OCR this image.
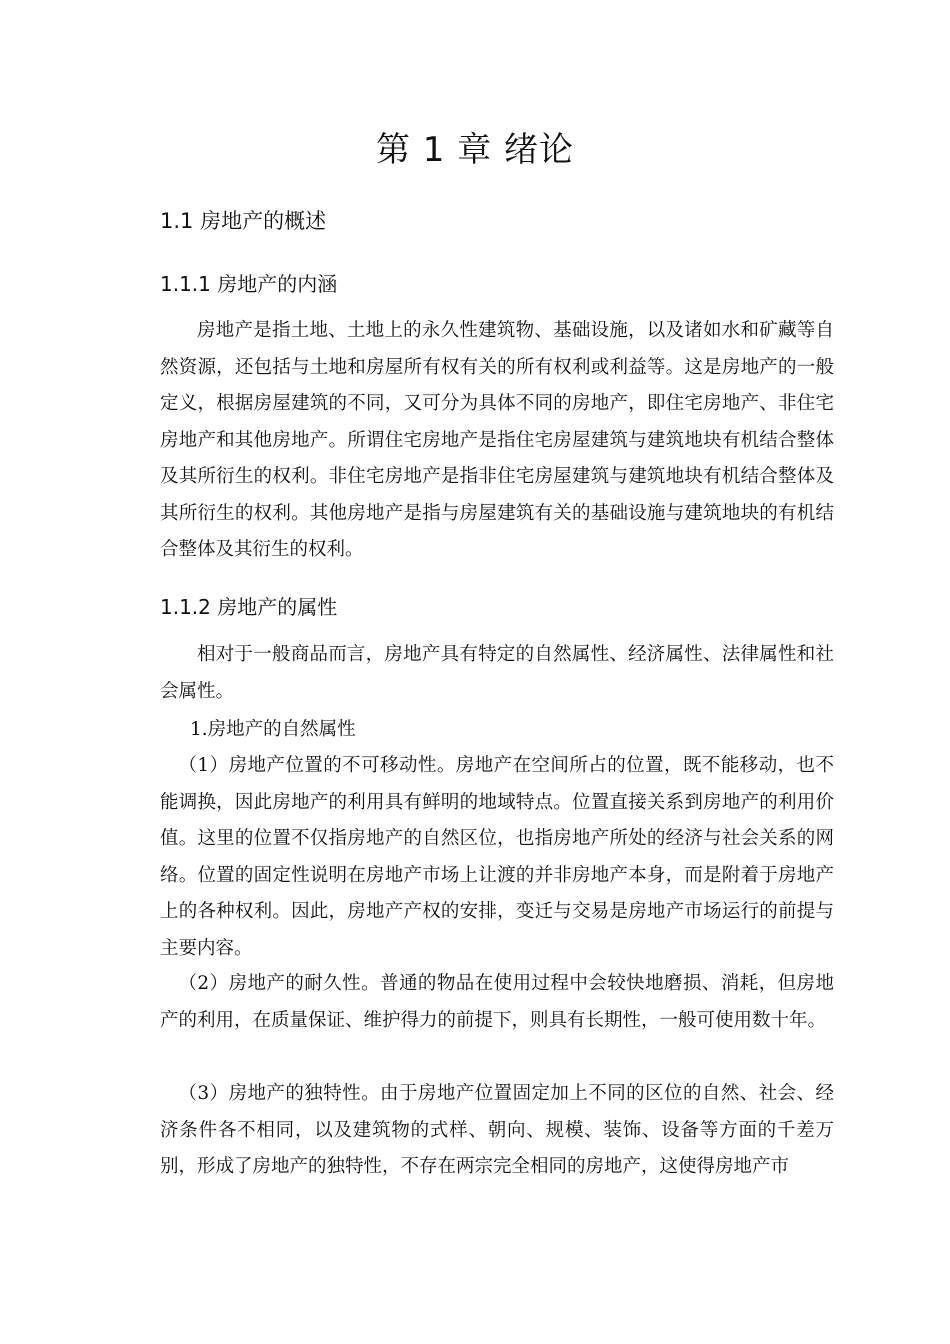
第 1 章 绪论
1.1 房地产的概述
1.1.1 房地产的内涵

房地产是指土地、土地上的永久性建筑物、基础设施，以及诸如水和矿藏等自然资源，还包括与土地和房屋所有权有关的所有权利或利益等。这是房地产的一般定义，根据房屋建筑的不同，又可分为具体不同的房地产，即住宅房地产、非住宅房地产和其他房地产。所谓住宅房地产是指住宅房屋建筑与建筑地块有机结合整体及其所衍生的权利。非住宅房地产是指非住宅房屋建筑与建筑地块有机结合整体及其所衍生的权利。其他房地产是指与房屋建筑有关的基础设施与建筑地块的有机结合整体及其衍生的权利。

1.1.2 房地产的属性

相对于一般商品而言，房地产具有特定的自然属性、经济属性、法律属性和社会属性。

1.房地产的自然属性

（1）房地产位置的不可移动性。房地产在空间所占的位置，既不能移动，也不能调换，因此房地产的利用具有鲜明的地域特点。位置直接关系到房地产的利用价值。这里的位置不仅指房地产的自然区位，也指房地产所处的经济与社会关系的网络。位置的固定性说明在房地产市场上让渡的并非房地产本身，而是附着于房地产上的各种权利。因此，房地产产权的安排，变迁与交易是房地产市场运行的前提与主要内容。

（2）房地产的耐久性。普通的物品在使用过程中会较快地磨损、消耗，但房地产的利用，在质量保证、维护得力的前提下，则具有长期性，一般可使用数十年。

（3）房地产的独特性。由于房地产位置固定加上不同的区位的自然、社会、经济条件各不相同，以及建筑物的式样、朝向、规模、装饰、设备等方面的千差万别，形成了房地产的独特性，不存在两宗完全相同的房地产，这使得房地产市
